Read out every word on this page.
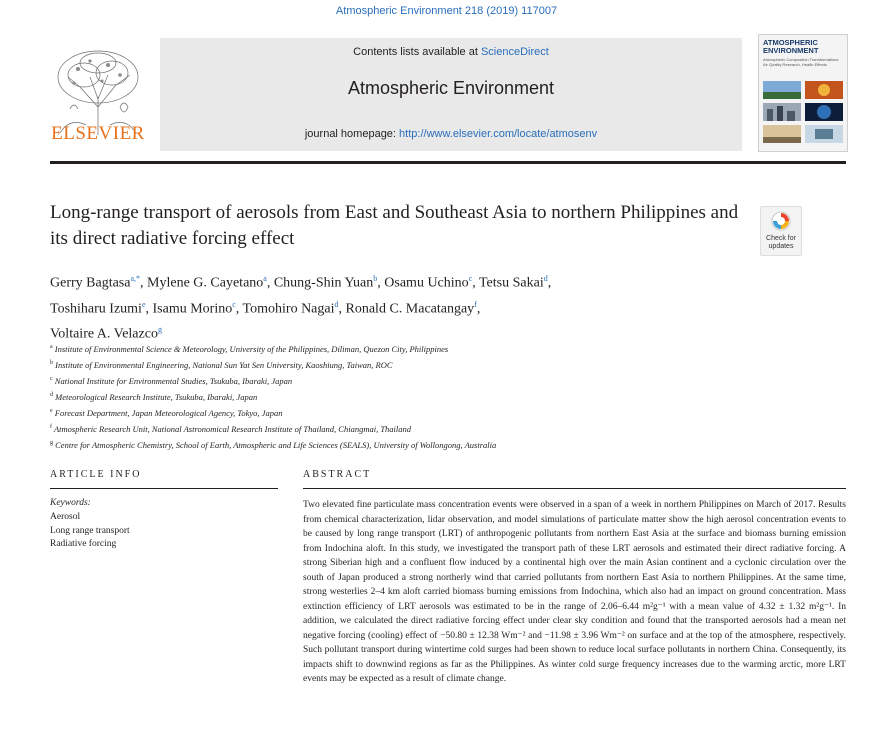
Atmospheric Environment 218 (2019) 117007
ELSEVIER
Contents lists available at ScienceDirect
Atmospheric Environment
journal homepage: http://www.elsevier.com/locate/atmosenv
ATMOSPHERIC ENVIRONMENT
Atmospheric Composition Transformations Air Quality Research, Health Effects
Long-range transport of aerosols from East and Southeast Asia to northern Philippines and its direct radiative forcing effect	Check for updates
Gerry Bagtasa$^{a,*}$, Mylene G. Cayetano$^a$, Chung-Shin Yuan$^b$, Osamu Uchino$^c$, Tetsu Sakai$^d$,
Toshiharu Izumi$^e$, Isamu Morino$^c$, Tomohiro Nagai$^d$, Ronald C. Macatangay$^f$,
Voltaire A. Velazco$^g$
$^a$ Institute of Environmental Science & Meteorology, University of the Philippines, Diliman, Quezon City, Philippines
$^b$ Institute of Environmental Engineering, National Sun Yat Sen University, Kaoshiung, Taiwan, ROC
$^c$ National Institute for Environmental Studies, Tsukuba, Ibaraki, Japan
$^d$ Meteorological Research Institute, Tsukuba, Ibaraki, Japan
$^e$ Forecast Department, Japan Meteorological Agency, Tokyo, Japan
$^f$ Atmospheric Research Unit, National Astronomical Research Institute of Thailand, Chiangmai, Thailand
$^g$ Centre for Atmospheric Chemistry, School of Earth, Atmospheric and Life Sciences (SEALS), University of Wollongong, Australia
ARTICLE INFO	ABSTRACT
Keywords:
Aerosol
Long range transport
Radiative forcing
Two elevated fine particulate mass concentration events were observed in a span of a week in northern Philippines on March of 2017. Results from chemical characterization, lidar observation, and model simulations of particulate matter show the high aerosol concentration events to be caused by long range transport (LRT) of anthropogenic pollutants from northern East Asia at the surface and biomass burning emission from Indochina aloft. In this study, we investigated the transport path of these LRT aerosols and estimated their direct radiative forcing. A strong Siberian high and a confluent flow induced by a continental high over the main Asian continent and a cyclonic circulation over the south of Japan produced a strong northerly wind that carried pollutants from northern East Asia to northern Philippines. At the same time, strong westerlies 2–4 km aloft carried biomass burning emissions from Indochina, which also had an impact on ground concentration. Mass extinction efficiency of LRT aerosols was estimated to be in the range of 2.06–6.44 m²g⁻¹ with a mean value of 4.32 ± 1.32 m²g⁻¹. In addition, we calculated the direct radiative forcing effect under clear sky condition and found that the transported aerosols had a mean net negative forcing (cooling) effect of −50.80 ± 12.38 Wm⁻² and −11.98 ± 3.96 Wm⁻² on surface and at the top of the atmosphere, respectively. Such pollutant transport during wintertime cold surges had been shown to reduce local surface pollutants in northern China. Consequently, its impacts shift to downwind regions as far as the Philippines. As winter cold surge frequency increases due to the warming arctic, more LRT events may be expected as a result of climate change.
